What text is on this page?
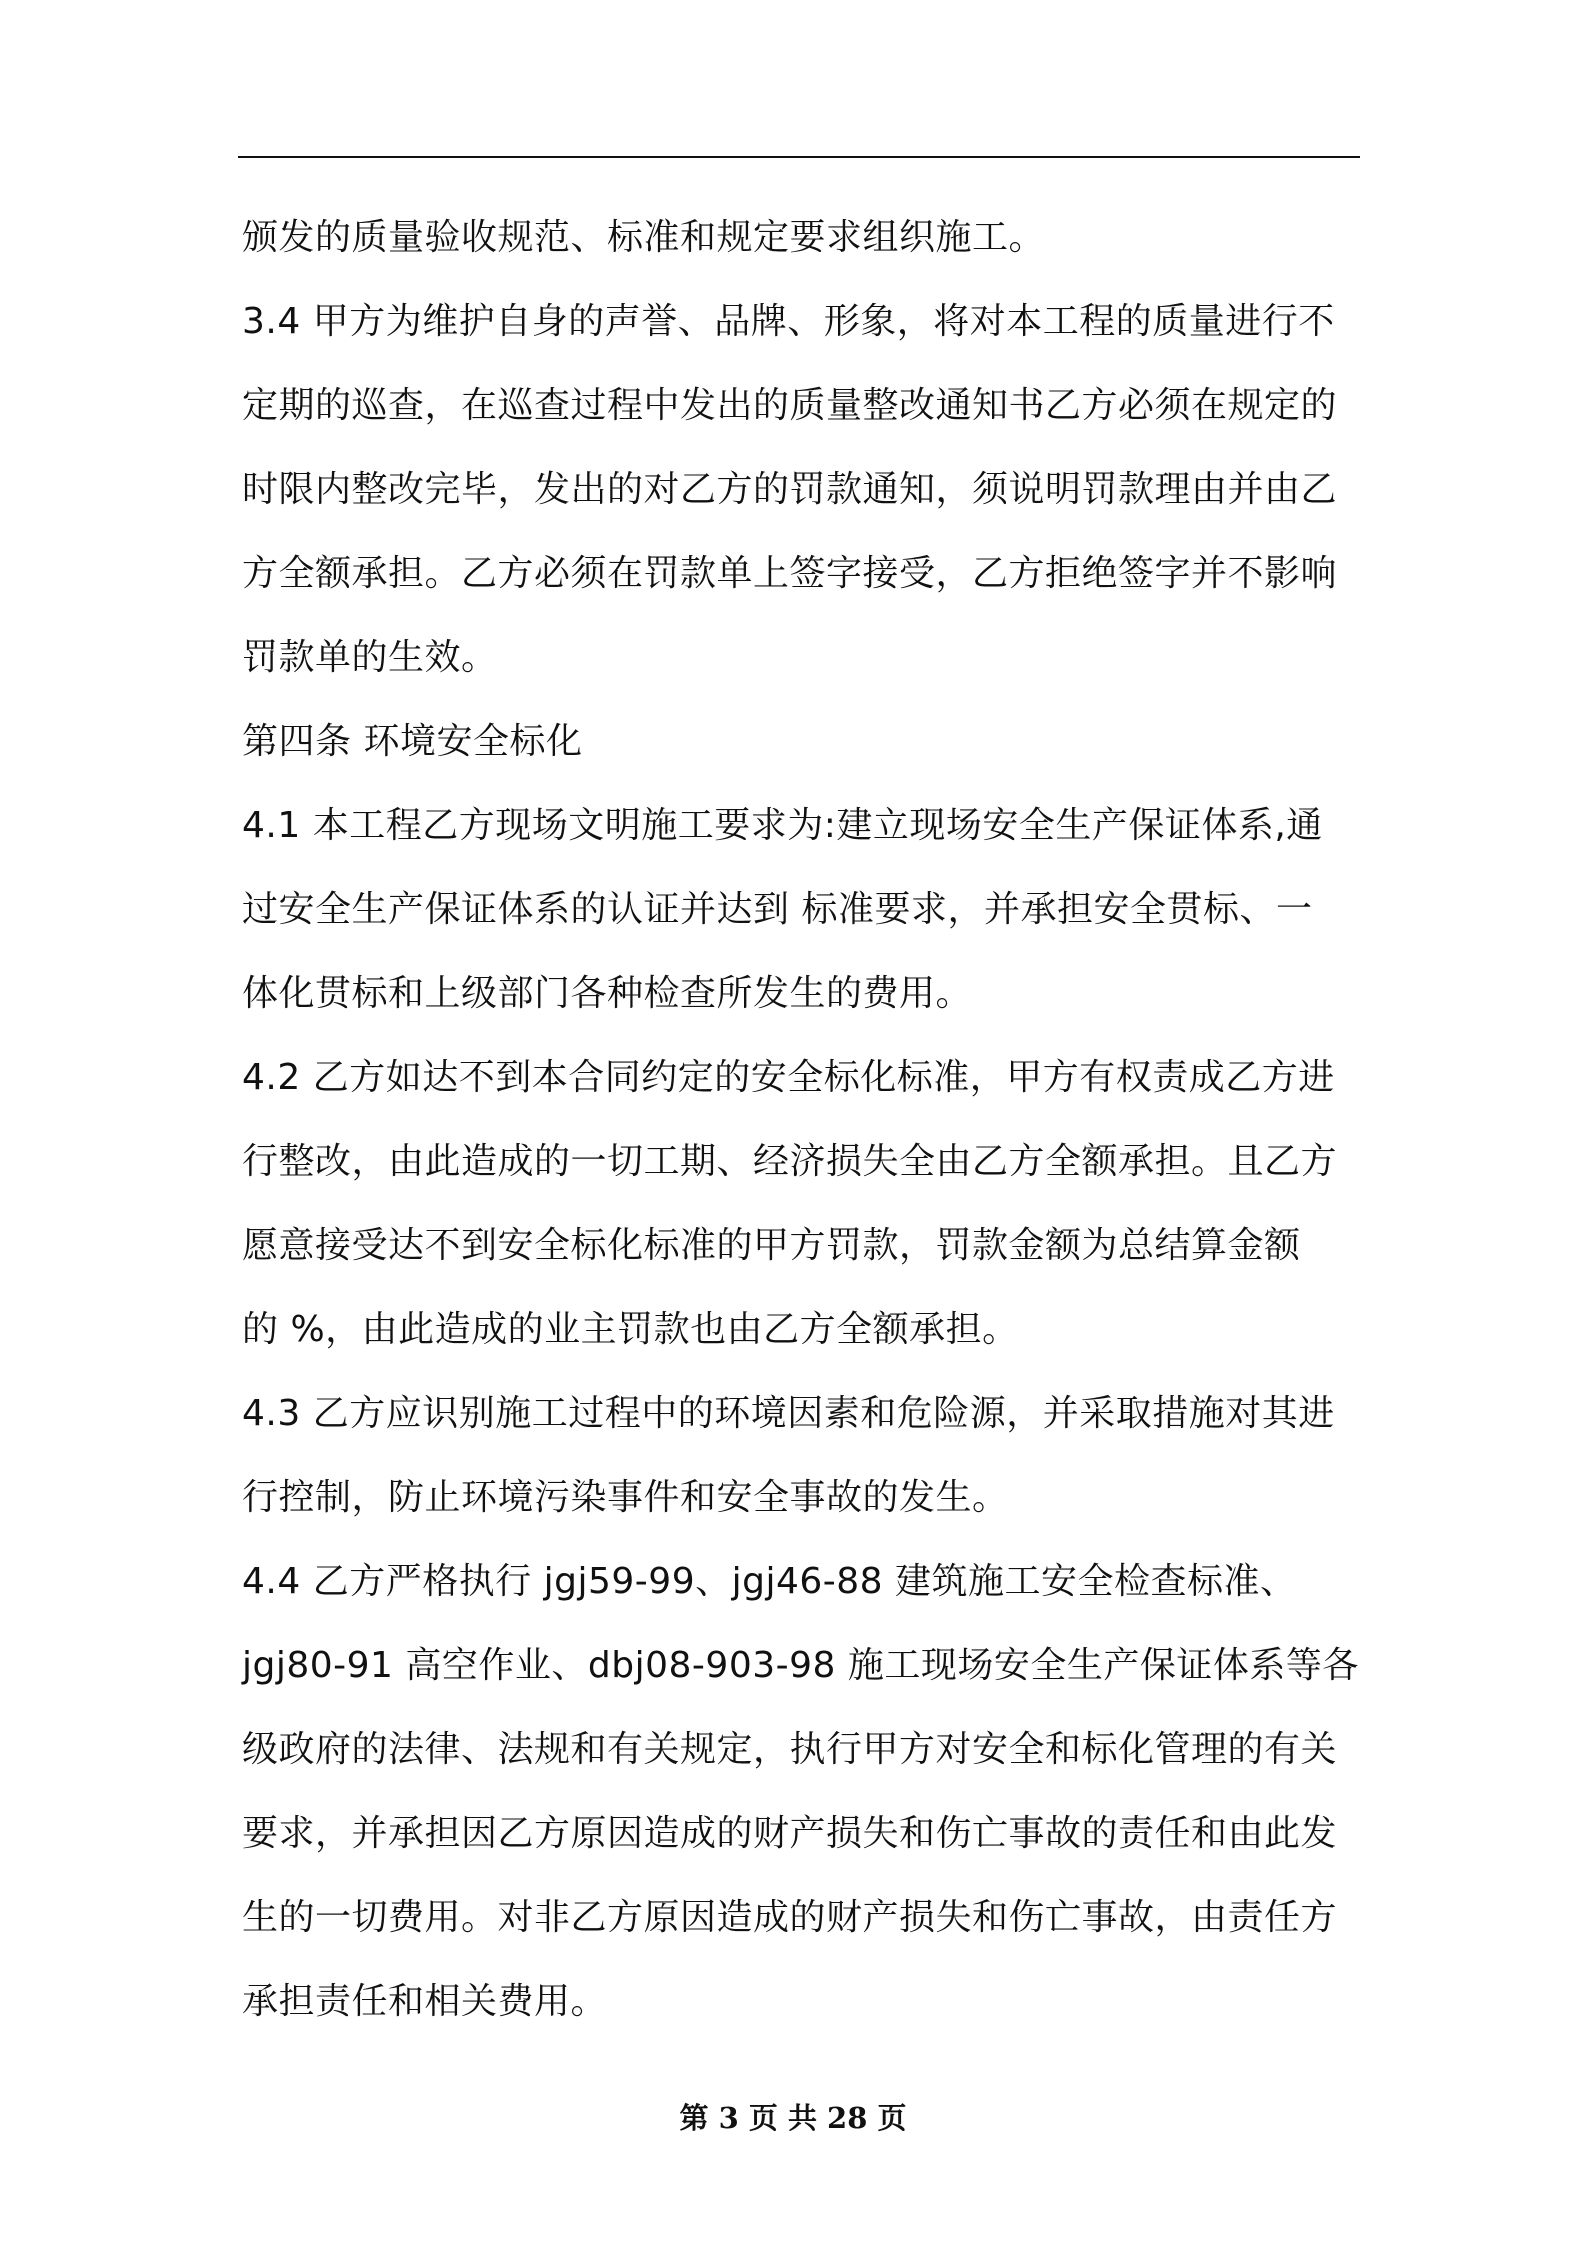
颁发的质量验收规范、标准和规定要求组织施工。
3.4 甲方为维护自身的声誉、品牌、形象，将对本工程的质量进行不
定期的巡查，在巡查过程中发出的质量整改通知书乙方必须在规定的
时限内整改完毕，发出的对乙方的罚款通知，须说明罚款理由并由乙
方全额承担。乙方必须在罚款单上签字接受，乙方拒绝签字并不影响
罚款单的生效。
第四条 环境安全标化
4.1 本工程乙方现场文明施工要求为:建立现场安全生产保证体系,通
过安全生产保证体系的认证并达到 标准要求，并承担安全贯标、一
体化贯标和上级部门各种检查所发生的费用。
4.2 乙方如达不到本合同约定的安全标化标准，甲方有权责成乙方进
行整改，由此造成的一切工期、经济损失全由乙方全额承担。且乙方
愿意接受达不到安全标化标准的甲方罚款，罚款金额为总结算金额
的 %，由此造成的业主罚款也由乙方全额承担。
4.3 乙方应识别施工过程中的环境因素和危险源，并采取措施对其进
行控制，防止环境污染事件和安全事故的发生。
4.4 乙方严格执行 jgj59-99、jgj46-88 建筑施工安全检查标准、
jgj80-91 高空作业、dbj08-903-98 施工现场安全生产保证体系等各
级政府的法律、法规和有关规定，执行甲方对安全和标化管理的有关
要求，并承担因乙方原因造成的财产损失和伤亡事故的责任和由此发
生的一切费用。对非乙方原因造成的财产损失和伤亡事故，由责任方
承担责任和相关费用。
第 3 页 共 28 页
